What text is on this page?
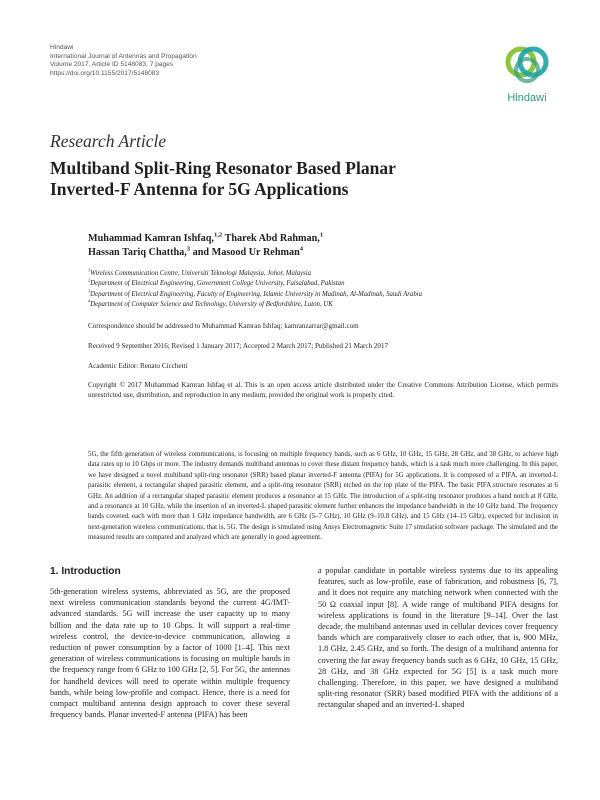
Hindawi
International Journal of Antennas and Propagation
Volume 2017, Article ID 5148083, 7 pages
https://doi.org/10.1155/2017/5148083
Hindawi
Research Article
Multiband Split-Ring Resonator Based Planar
Inverted-F Antenna for 5G Applications
Muhammad Kamran Ishfaq,$^{1,2}$ Tharek Abd Rahman,$^1$
Hassan Tariq Chattha,$^3$ and Masood Ur Rehman$^4$
$^1$Wireless Communication Centre, Universiti Teknologi Malaysia, Johor, Malaysia
$^2$Department of Electrical Engineering, Government College University, Faisalabad, Pakistan
$^3$Department of Electrical Engineering, Faculty of Engineering, Islamic University in Madinah, Al-Madinah, Saudi Arabia
$^4$Department of Computer Science and Technology, University of Bedfordshire, Luton, UK
Correspondence should be addressed to Muhammad Kamran Ishfaq; kamranzarrar@gmail.com
Received 9 September 2016; Revised 1 January 2017; Accepted 2 March 2017; Published 21 March 2017
Academic Editor: Renato Cicchetti
Copyright © 2017 Muhammad Kamran Ishfaq et al. This is an open access article distributed under the Creative Commons Attribution License, which permits unrestricted use, distribution, and reproduction in any medium, provided the original work is properly cited.
5G, the fifth generation of wireless communications, is focusing on multiple frequency bands, such as 6 GHz, 10 GHz, 15 GHz, 28 GHz, and 38 GHz, to achieve high data rates up to 10 Gbps or more. The industry demands multiband antennas to cover these distant frequency bands, which is a task much more challenging. In this paper, we have designed a novel multiband split-ring resonator (SRR) based planar inverted-F antenna (PIFA) for 5G applications. It is composed of a PIFA, an inverted-L parasitic element, a rectangular shaped parasitic element, and a split-ring resonator (SRR) etched on the top plate of the PIFA. The basic PIFA structure resonates at 6 GHz. An addition of a rectangular shaped parasitic element produces a resonance at 15 GHz. The introduction of a split-ring resonator produces a band notch at 8 GHz, and a resonance at 10 GHz, while the insertion of an inverted-L shaped parasitic element further enhances the impedance bandwidth in the 10 GHz band. The frequency bands covered, each with more than 1 GHz impedance bandwidth, are 6 GHz (5–7 GHz), 10 GHz (9–10.8 GHz), and 15 GHz (14–15 GHz), expected for inclusion in next-generation wireless communications, that is, 5G. The design is simulated using Ansys Electromagnetic Suite 17 simulation software package. The simulated and the measured results are compared and analyzed which are generally in good agreement.
1. Introduction
5th-generation wireless systems, abbreviated as 5G, are the proposed next wireless communication standards beyond the current 4G/IMT-advanced standards. 5G will increase the user capacity up to many billion and the data rate up to 10 Gbps. It will support a real-time wireless control, the device-to-device communication, allowing a reduction of power consumption by a factor of 1000 [1–4]. This next generation of wireless communications is focusing on multiple bands in the frequency range from 6 GHz to 100 GHz [2, 5]. For 5G, the antennas for handheld devices will need to operate within multiple frequency bands, while being low-profile and compact. Hence, there is a need for compact multiband antenna design approach to cover these several frequency bands. Planar inverted-F antenna (PIFA) has been
a popular candidate in portable wireless systems due to its appealing features, such as low-profile, ease of fabrication, and robustness [6, 7], and it does not require any matching network when connected with the 50 Ω coaxial input [8]. A wide range of multiband PIFA designs for wireless applications is found in the literature [9–14]. Over the last decade, the multiband antennas used in cellular devices cover frequency bands which are comparatively closer to each other, that is, 900 MHz, 1.8 GHz, 2.45 GHz, and so forth. The design of a multiband antenna for covering the far away frequency bands such as 6 GHz, 10 GHz, 15 GHz, 28 GHz, and 38 GHz expected for 5G [5] is a task much more challenging. Therefore, in this paper, we have designed a multiband split-ring resonator (SRR) based modified PIFA with the additions of a rectangular shaped and an inverted-L shaped
